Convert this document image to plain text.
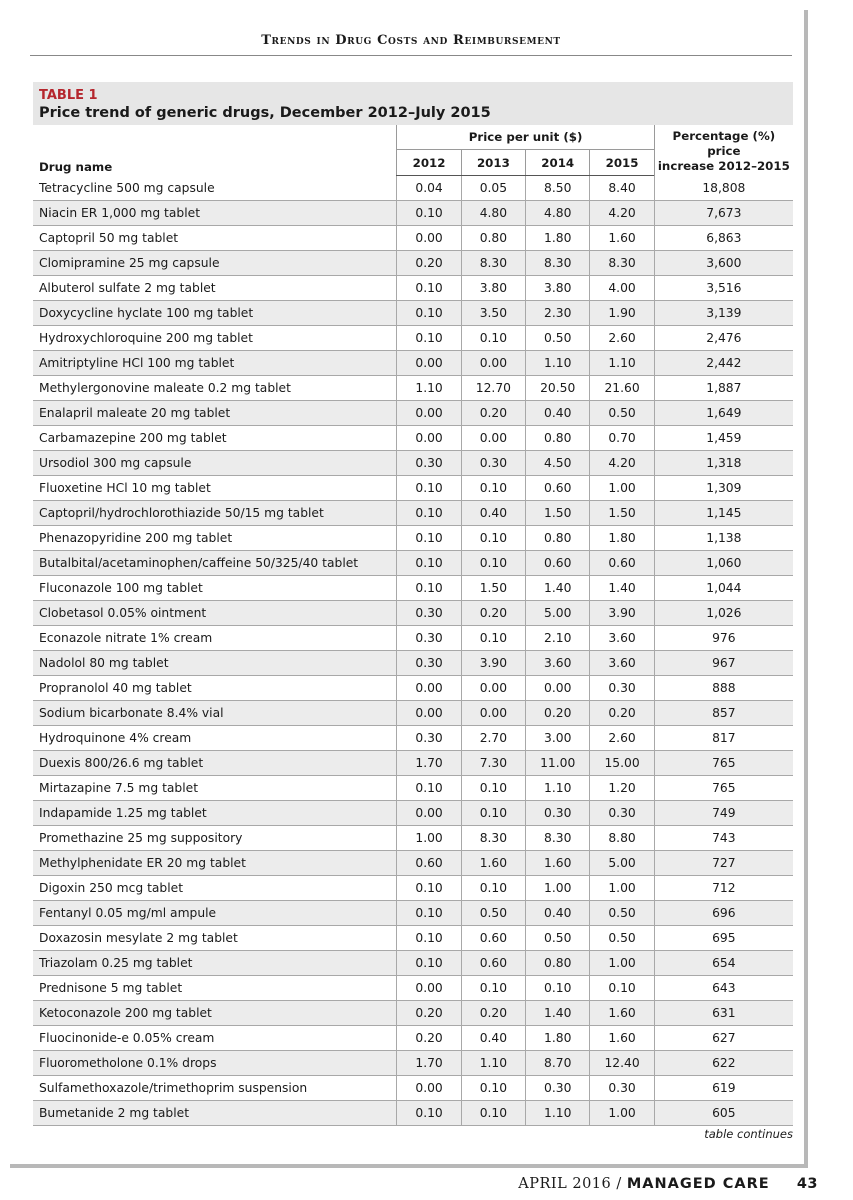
Trends in Drug Costs and Reimbursement
TABLE 1
Price trend of generic drugs, December 2012–July 2015
Drug name	Price per unit ($)				Percentage (%) price
increase 2012–2015
	2012	2013	2014	2015	
Tetracycline 500 mg capsule	0.04	0.05	8.50	8.40	18,808
Niacin ER 1,000 mg tablet	0.10	4.80	4.80	4.20	7,673
Captopril 50 mg tablet	0.00	0.80	1.80	1.60	6,863
Clomipramine 25 mg capsule	0.20	8.30	8.30	8.30	3,600
Albuterol sulfate 2 mg tablet	0.10	3.80	3.80	4.00	3,516
Doxycycline hyclate 100 mg tablet	0.10	3.50	2.30	1.90	3,139
Hydroxychloroquine 200 mg tablet	0.10	0.10	0.50	2.60	2,476
Amitriptyline HCl 100 mg tablet	0.00	0.00	1.10	1.10	2,442
Methylergonovine maleate 0.2 mg tablet	1.10	12.70	20.50	21.60	1,887
Enalapril maleate 20 mg tablet	0.00	0.20	0.40	0.50	1,649
Carbamazepine 200 mg tablet	0.00	0.00	0.80	0.70	1,459
Ursodiol 300 mg capsule	0.30	0.30	4.50	4.20	1,318
Fluoxetine HCl 10 mg tablet	0.10	0.10	0.60	1.00	1,309
Captopril/hydrochlorothiazide 50/15 mg tablet	0.10	0.40	1.50	1.50	1,145
Phenazopyridine 200 mg tablet	0.10	0.10	0.80	1.80	1,138
Butalbital/acetaminophen/caffeine 50/325/40 tablet	0.10	0.10	0.60	0.60	1,060
Fluconazole 100 mg tablet	0.10	1.50	1.40	1.40	1,044
Clobetasol 0.05% ointment	0.30	0.20	5.00	3.90	1,026
Econazole nitrate 1% cream	0.30	0.10	2.10	3.60	976
Nadolol 80 mg tablet	0.30	3.90	3.60	3.60	967
Propranolol 40 mg tablet	0.00	0.00	0.00	0.30	888
Sodium bicarbonate 8.4% vial	0.00	0.00	0.20	0.20	857
Hydroquinone 4% cream	0.30	2.70	3.00	2.60	817
Duexis 800/26.6 mg tablet	1.70	7.30	11.00	15.00	765
Mirtazapine 7.5 mg tablet	0.10	0.10	1.10	1.20	765
Indapamide 1.25 mg tablet	0.00	0.10	0.30	0.30	749
Promethazine 25 mg suppository	1.00	8.30	8.30	8.80	743
Methylphenidate ER 20 mg tablet	0.60	1.60	1.60	5.00	727
Digoxin 250 mcg tablet	0.10	0.10	1.00	1.00	712
Fentanyl 0.05 mg/ml ampule	0.10	0.50	0.40	0.50	696
Doxazosin mesylate 2 mg tablet	0.10	0.60	0.50	0.50	695
Triazolam 0.25 mg tablet	0.10	0.60	0.80	1.00	654
Prednisone 5 mg tablet	0.00	0.10	0.10	0.10	643
Ketoconazole 200 mg tablet	0.20	0.20	1.40	1.60	631
Fluocinonide-e 0.05% cream	0.20	0.40	1.80	1.60	627
Fluorometholone 0.1% drops	1.70	1.10	8.70	12.40	622
Sulfamethoxazole/trimethoprim suspension	0.00	0.10	0.30	0.30	619
Bumetanide 2 mg tablet	0.10	0.10	1.10	1.00	605
table continues
APRIL 2016 / MANAGED CARE 43
